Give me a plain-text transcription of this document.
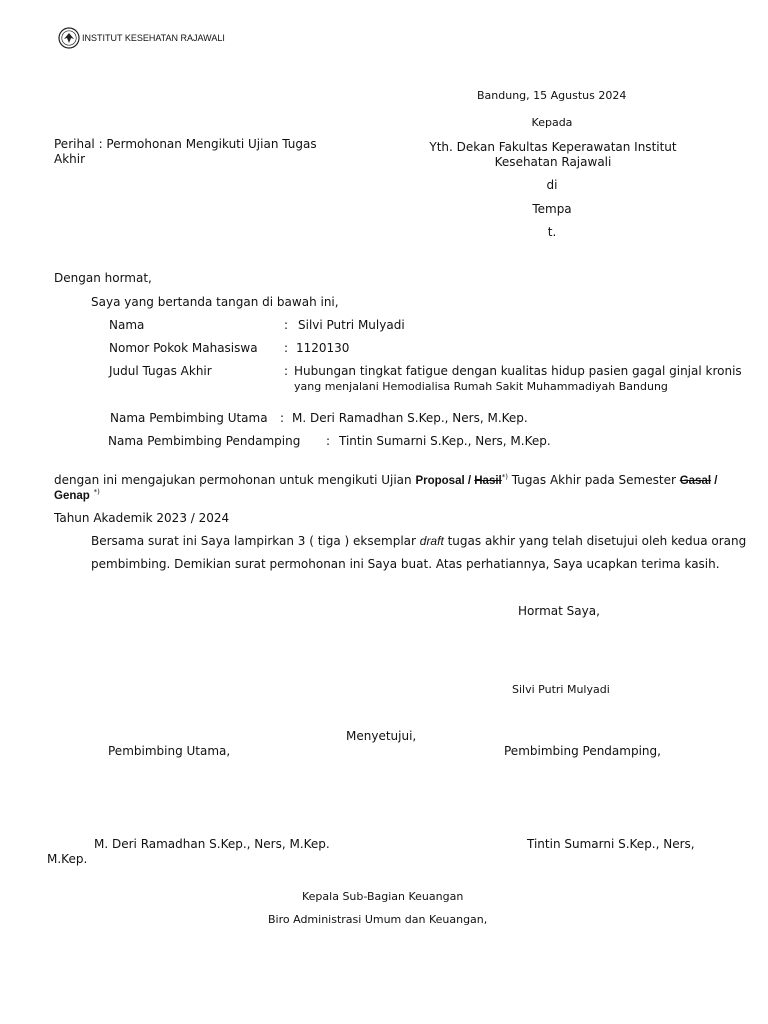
INSTITUT KESEHATAN RAJAWALI
Bandung, 15 Agustus 2024
Kepada
Yth. Dekan Fakultas Keperawatan Institut
Kesehatan Rajawali
di
Tempa
t.
Perihal : Permohonan Mengikuti Ujian Tugas
Akhir
Dengan hormat,
Saya yang bertanda tangan di bawah ini,
Nama	: Silvi Putri Mulyadi
Nomor Pokok Mahasiswa : 1120130
Judul Tugas Akhir	: Hubungan tingkat fatigue dengan kualitas hidup pasien gagal ginjal kronis
yang menjalani Hemodialisa Rumah Sakit Muhammadiyah Bandung
Nama Pembimbing Utama : M. Deri Ramadhan S.Kep., Ners, M.Kep.
Nama Pembimbing Pendamping : Tintin Sumarni S.Kep., Ners, M.Kep.
dengan ini mengajukan permohonan untuk mengikuti Ujian Proposal / Hasil*) Tugas Akhir pada Semester Gasal /
Genap *)
Tahun Akademik 2023 / 2024
Bersama surat ini Saya lampirkan 3 ( tiga ) eksemplar draft tugas akhir yang telah disetujui oleh kedua orang
pembimbing. Demikian surat permohonan ini Saya buat. Atas perhatiannya, Saya ucapkan terima kasih.
Hormat Saya,
Silvi Putri Mulyadi
Menyetujui,
Pembimbing Utama,	Pembimbing Pendamping,
M. Deri Ramadhan S.Kep., Ners, M.Kep.	Tintin Sumarni S.Kep., Ners,
M.Kep.
Kepala Sub-Bagian Keuangan
Biro Administrasi Umum dan Keuangan,
